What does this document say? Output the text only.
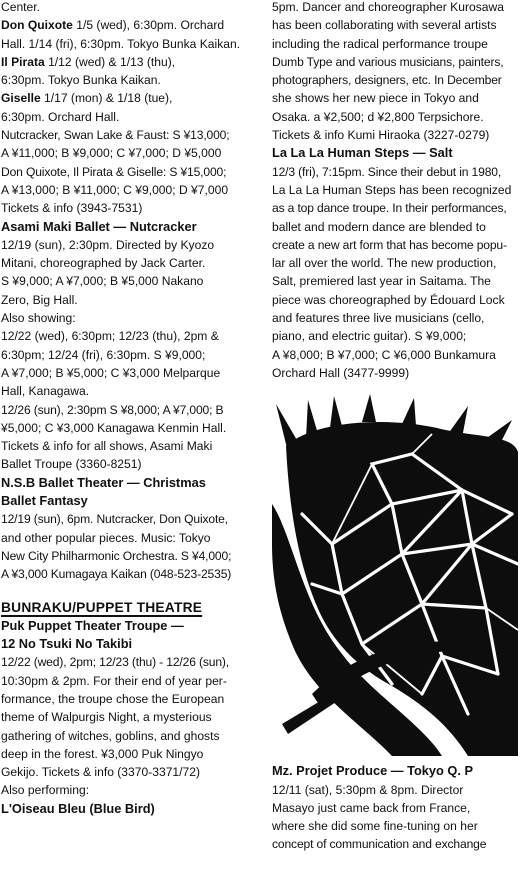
Center.

Don Quixote 1/5 (wed), 6:30pm. Orchard

Hall. 1/14 (fri), 6:30pm. Tokyo Bunka Kaikan.

Il Pirata 1/12 (wed) & 1/13 (thu),

6:30pm. Tokyo Bunka Kaikan.

Giselle 1/17 (mon) & 1/18 (tue),

6:30pm. Orchard Hall.

Nutcracker, Swan Lake & Faust: S ¥13,000;

A ¥11,000; B ¥9,000; C ¥7,000; D ¥5,000

Don Quixote, Il Pirata & Giselle: S ¥15,000;

A ¥13,000; B ¥11,000; C ¥9,000; D ¥7,000

Tickets & info (3943-7531)

Asami Maki Ballet — Nutcracker

12/19 (sun), 2:30pm. Directed by Kyozo

Mitani, choreographed by Jack Carter.

S ¥9,000; A ¥7,000; B ¥5,000 Nakano

Zero, Big Hall.

Also showing:

12/22 (wed), 6:30pm; 12/23 (thu), 2pm &

6:30pm; 12/24 (fri), 6:30pm. S ¥9,000;

A ¥7,000; B ¥5,000; C ¥3,000 Melparque

Hall, Kanagawa.

12/26 (sun), 2:30pm S ¥8,000; A ¥7,000; B

¥5,000; C ¥3,000 Kanagawa Kenmin Hall.

Tickets & info for all shows, Asami Maki

Ballet Troupe (3360-8251)

N.S.B Ballet Theater — Christmas

Ballet Fantasy

12/19 (sun), 6pm. Nutcracker, Don Quixote,

and other popular pieces. Music: Tokyo

New City Philharmonic Orchestra. S ¥4,000;

A ¥3,000 Kumagaya Kaikan (048-523-2535)

BUNRAKU/PUPPET THEATRE

Puk Puppet Theater Troupe —

12 No Tsuki No Takibi

12/22 (wed), 2pm; 12/23 (thu) - 12/26 (sun),

10:30pm & 2pm. For their end of year per-

formance, the troupe chose the European

theme of Walpurgis Night, a mysterious

gathering of witches, goblins, and ghosts

deep in the forest. ¥3,000 Puk Ningyo

Gekijo. Tickets & info (3370-3371/72)

Also performing:

L'Oiseau Bleu (Blue Bird)

5pm. Dancer and choreographer Kurosawa

has been collaborating with several artists

including the radical performance troupe

Dumb Type and various musicians, painters,

photographers, designers, etc. In December

she shows her new piece in Tokyo and

Osaka. a ¥2,500; d ¥2,800 Terpsichore.

Tickets & info Kumi Hiraoka (3227-0279)

La La La Human Steps — Salt

12/3 (fri), 7:15pm. Since their debut in 1980,

La La La Human Steps has been recognized

as a top dance troupe. In their performances,

ballet and modern dance are blended to

create a new art form that has become popu-

lar all over the world. The new production,

Salt, premiered last year in Saitama. The

piece was choreographed by Édouard Lock

and features three live musicians (cello,

piano, and electric guitar). S ¥9,000;

A ¥8,000; B ¥7,000; C ¥6,000 Bunkamura

Orchard Hall (3477-9999)

Mz. Projet Produce — Tokyo Q. P

12/11 (sat), 5:30pm & 8pm. Director

Masayo just came back from France,

where she did some fine-tuning on her

concept of communication and exchange
